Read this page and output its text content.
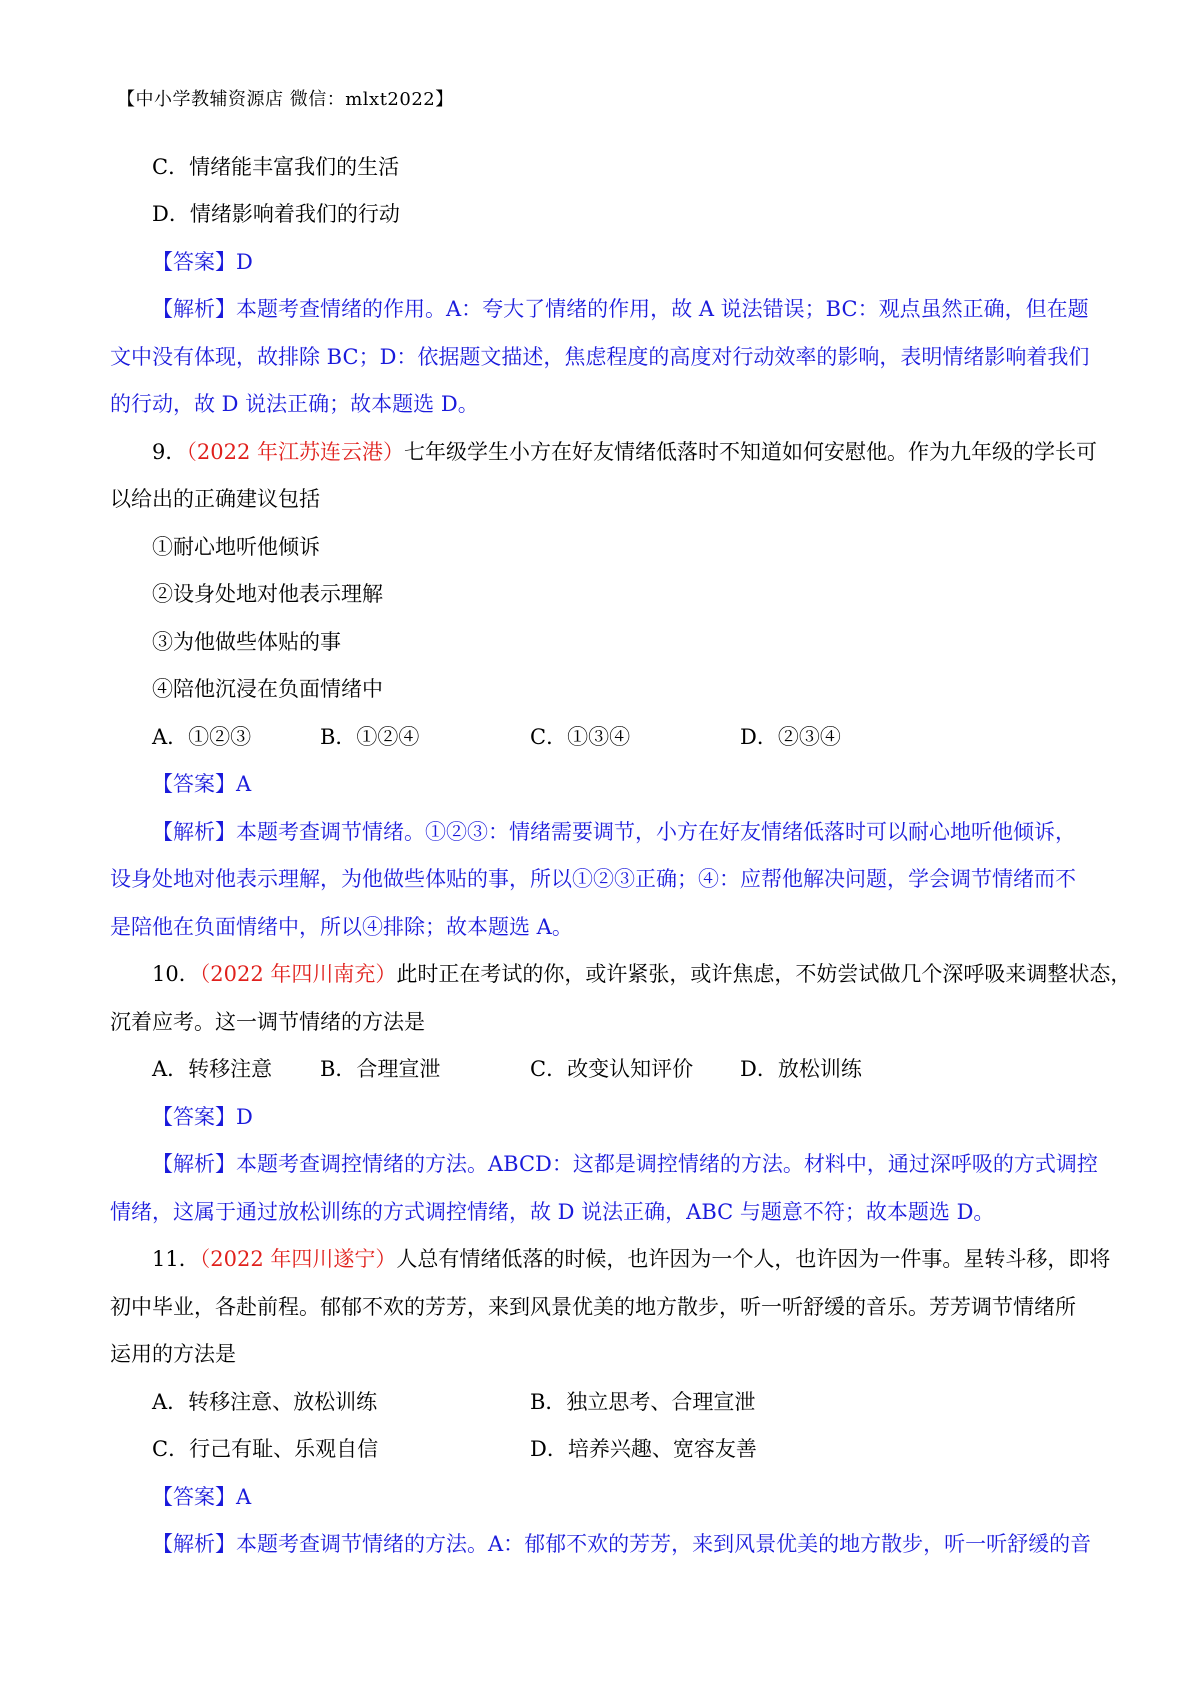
【中小学教辅资源店 微信：mlxt2022】
C．情绪能丰富我们的生活
D．情绪影响着我们的行动
【答案】D
【解析】本题考查情绪的作用。A：夸大了情绪的作用，故 A 说法错误；BC：观点虽然正确，但在题
文中没有体现，故排除 BC；D：依据题文描述，焦虑程度的高度对行动效率的影响，表明情绪影响着我们
的行动，故 D 说法正确；故本题选 D。
9．（2022 年江苏连云港）七年级学生小方在好友情绪低落时不知道如何安慰他。作为九年级的学长可
以给出的正确建议包括
①耐心地听他倾诉
②设身处地对他表示理解
③为他做些体贴的事
④陪他沉浸在负面情绪中
A．①②③	B．①②④	C．①③④	D．②③④
【答案】A
【解析】本题考查调节情绪。①②③：情绪需要调节，小方在好友情绪低落时可以耐心地听他倾诉，
设身处地对他表示理解，为他做些体贴的事，所以①②③正确；④：应帮他解决问题，学会调节情绪而不
是陪他在负面情绪中，所以④排除；故本题选 A。
10．（2022 年四川南充）此时正在考试的你，或许紧张，或许焦虑，不妨尝试做几个深呼吸来调整状态，
沉着应考。这一调节情绪的方法是
A．转移注意 B．合理宣泄	C．改变认知评价 D．放松训练
【答案】D
【解析】本题考查调控情绪的方法。ABCD：这都是调控情绪的方法。材料中，通过深呼吸的方式调控
情绪，这属于通过放松训练的方式调控情绪，故 D 说法正确，ABC 与题意不符；故本题选 D。
11．（2022 年四川遂宁）人总有情绪低落的时候，也许因为一个人，也许因为一件事。星转斗移，即将
初中毕业，各赴前程。郁郁不欢的芳芳，来到风景优美的地方散步，听一听舒缓的音乐。芳芳调节情绪所
运用的方法是
A．转移注意、放松训练	B．独立思考、合理宣泄
C．行己有耻、乐观自信	D．培养兴趣、宽容友善
【答案】A
【解析】本题考查调节情绪的方法。A：郁郁不欢的芳芳，来到风景优美的地方散步，听一听舒缓的音
